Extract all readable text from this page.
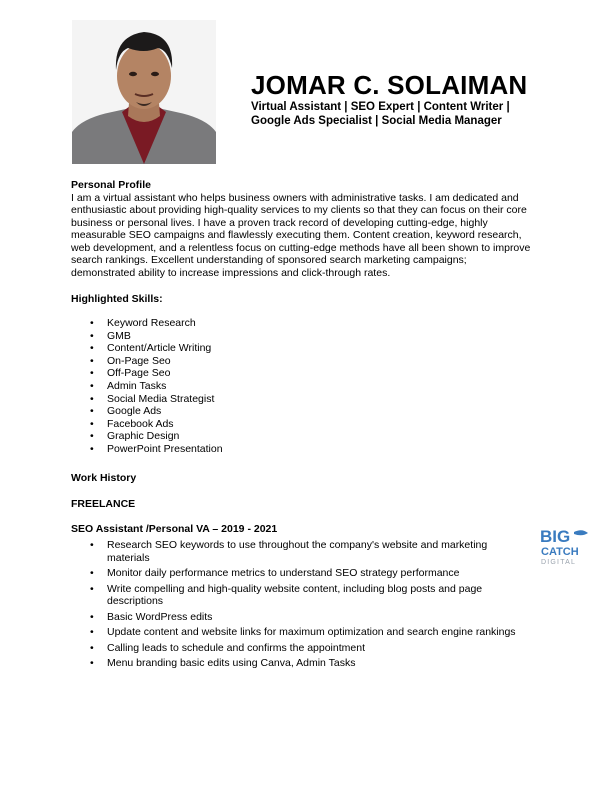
JOMAR C. SOLAIMAN
Virtual Assistant | SEO Expert | Content Writer | Google Ads Specialist | Social Media Manager
Personal Profile
I am a virtual assistant who helps business owners with administrative tasks. I am dedicated and enthusiastic about providing high-quality services to my clients so that they can focus on their core business or personal lives. I have a proven track record of developing cutting-edge, highly measurable SEO campaigns and flawlessly executing them. Content creation, keyword research, web development, and a relentless focus on cutting-edge methods have all been shown to improve search rankings. Excellent understanding of sponsored search marketing campaigns; demonstrated ability to increase impressions and click-through rates.
Highlighted Skills:
• Keyword Research
• GMB
• Content/Article Writing
• On-Page Seo
• Off-Page Seo
• Admin Tasks
• Social Media Strategist
• Google Ads
• Facebook Ads
• Graphic Design
• PowerPoint Presentation
Work History
FREELANCE
SEO Assistant /Personal VA – 2019 - 2021
• Research SEO keywords to use throughout the company's website and marketing materials
• Monitor daily performance metrics to understand SEO strategy performance
• Write compelling and high-quality website content, including blog posts and page descriptions
• Basic WordPress edits
• Update content and website links for maximum optimization and search engine rankings
• Calling leads to schedule and confirms the appointment
• Menu branding basic edits using Canva, Admin Tasks
BIG
CATCH
DIGITAL
